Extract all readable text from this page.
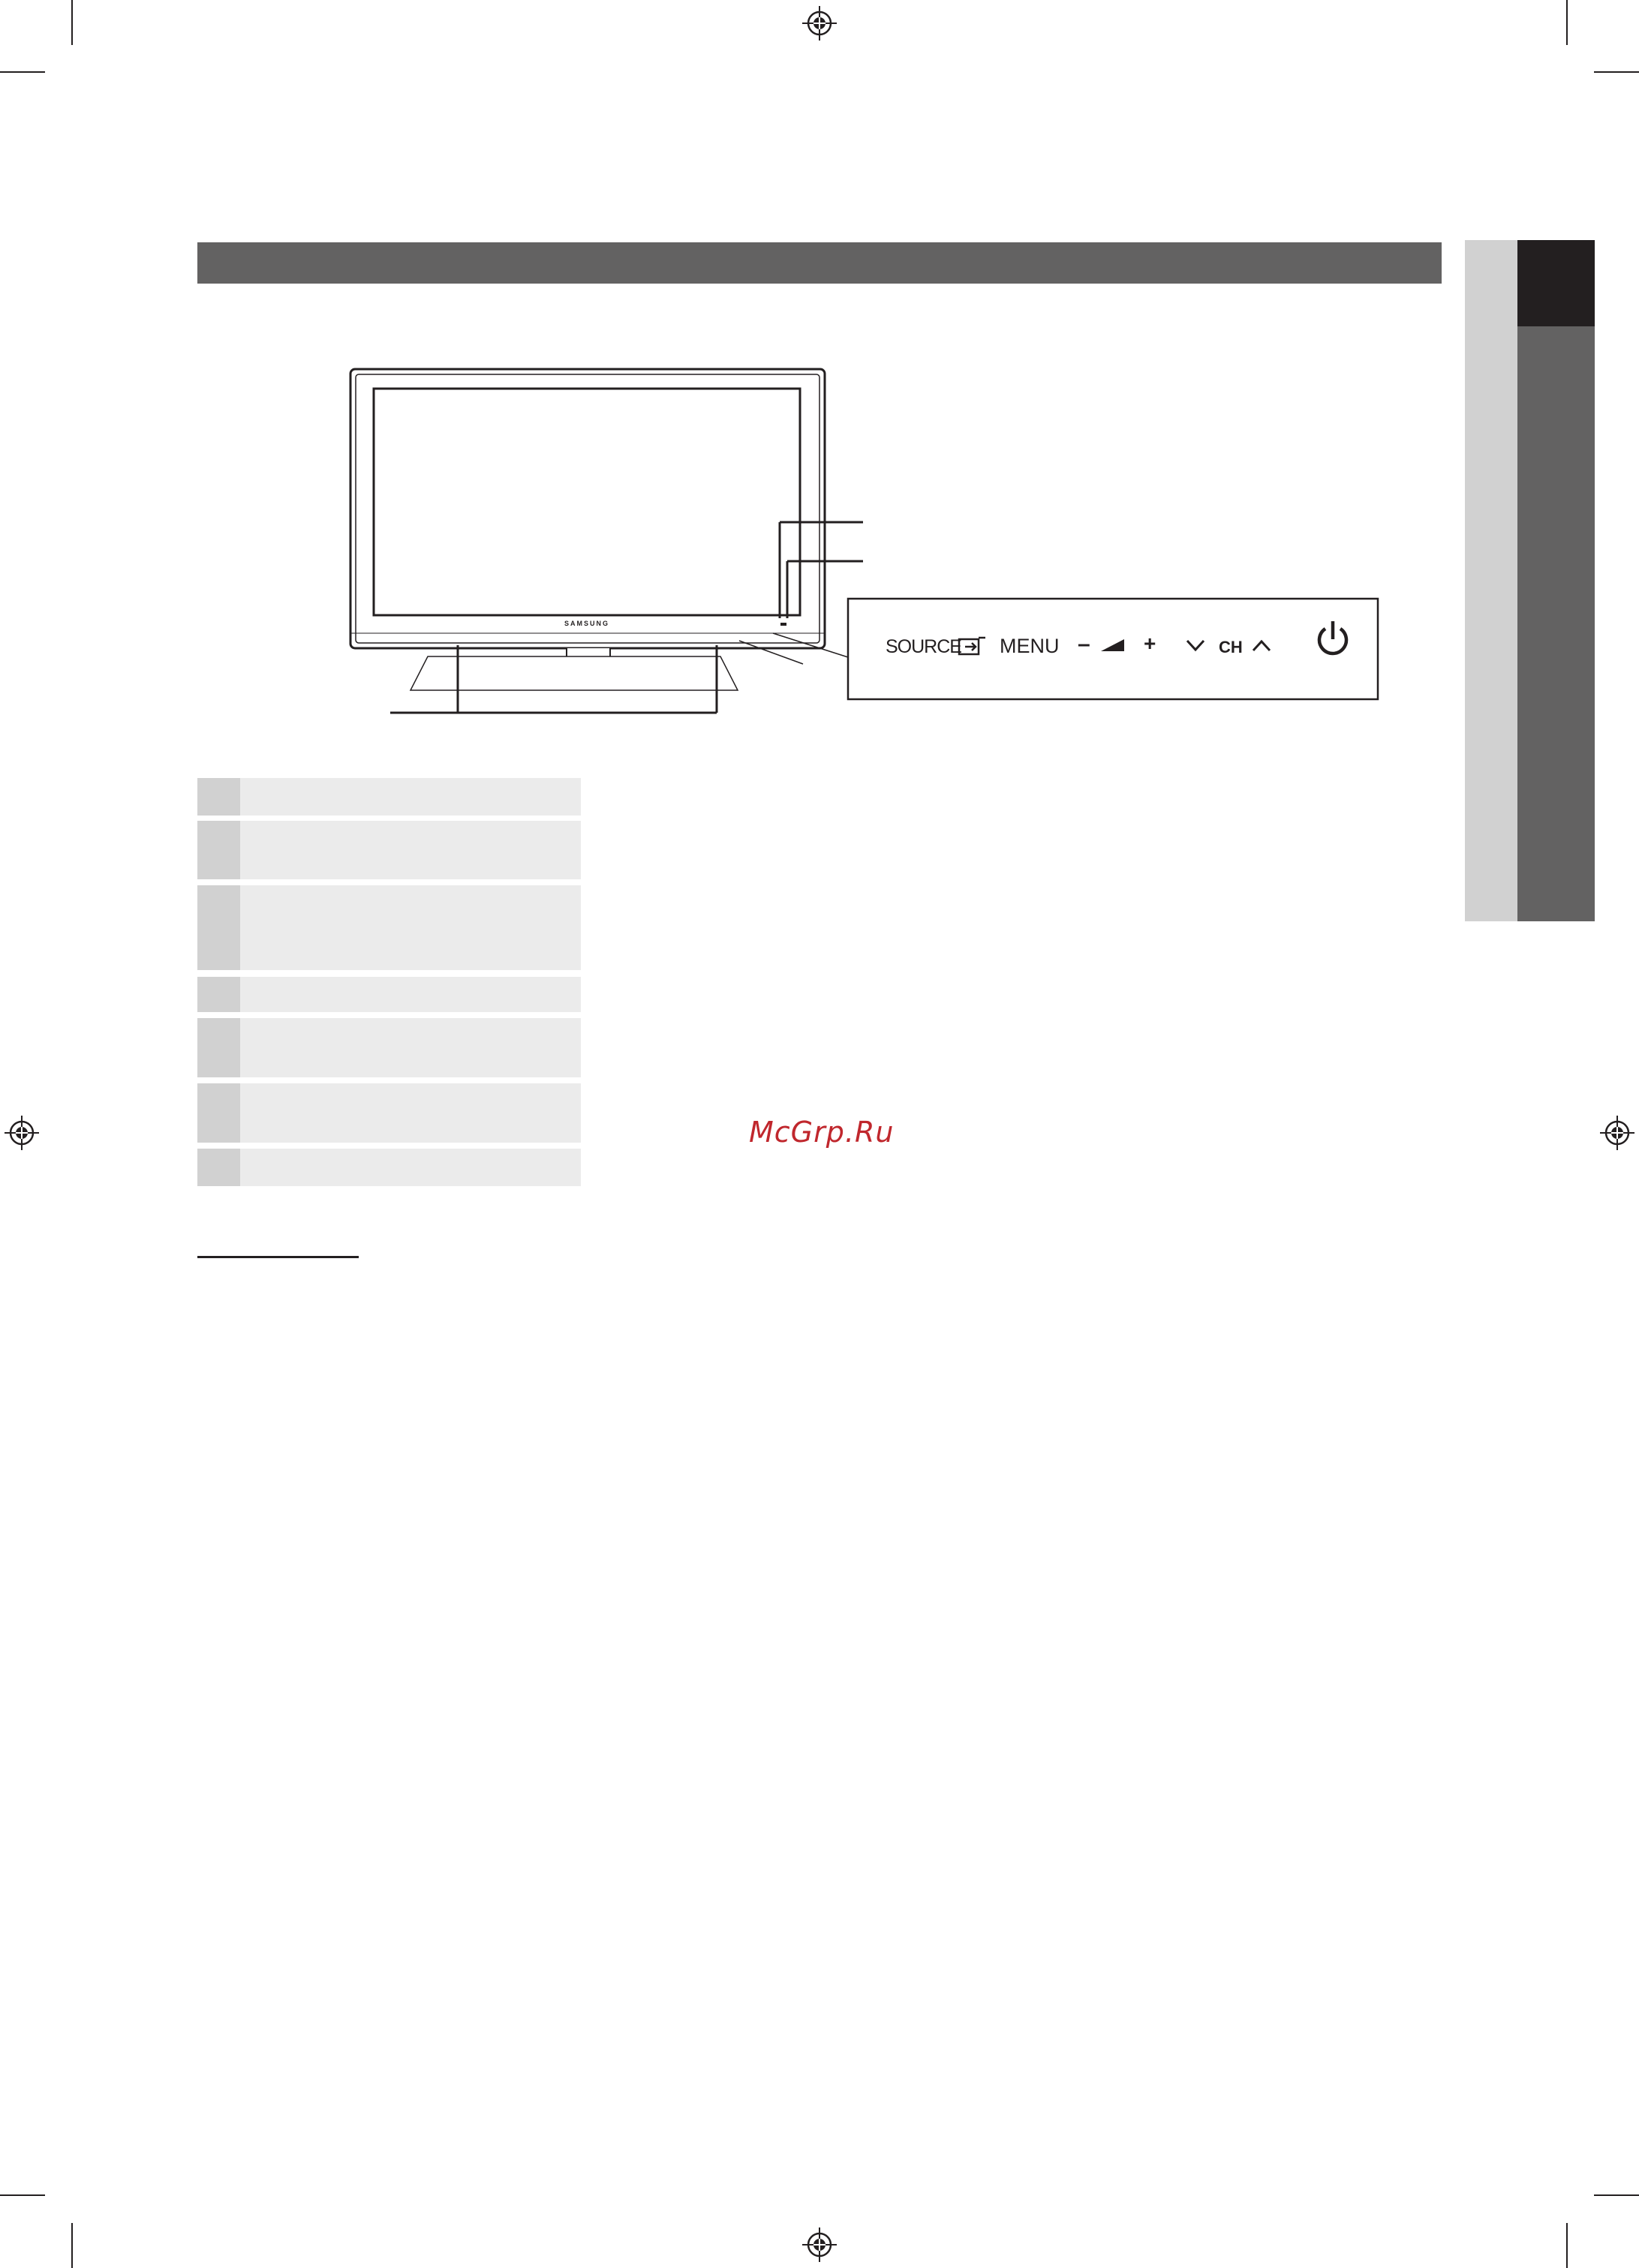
SAMSUNG
SOURCE MENU –	+	CH
McGrp.Ru
